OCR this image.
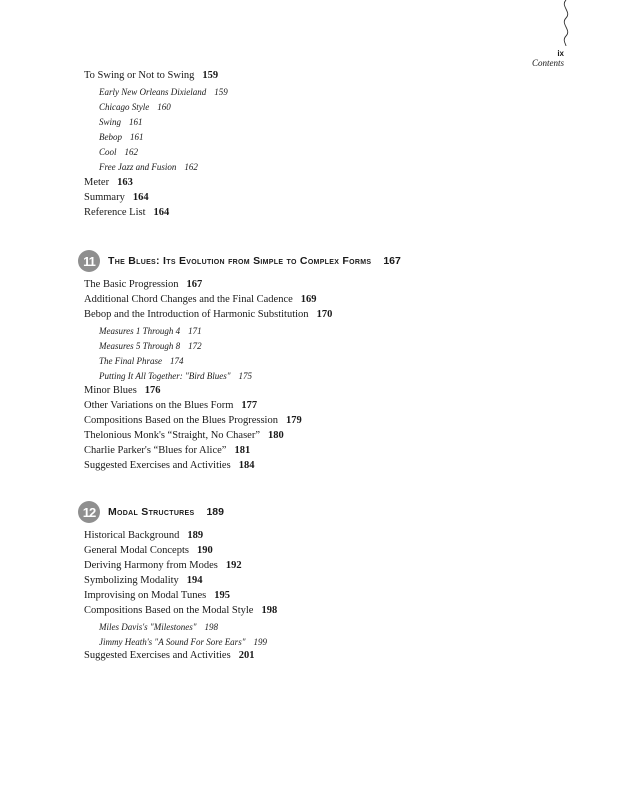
ix
Contents
To Swing or Not to Swing 159
Early New Orleans Dixieland 159
Chicago Style 160
Swing 161
Bebop 161
Cool 162
Free Jazz and Fusion 162
Meter 163
Summary 164
Reference List 164
11	The Blues: Its Evolution from Simple to Complex Forms 167
The Basic Progression 167
Additional Chord Changes and the Final Cadence 169
Bebop and the Introduction of Harmonic Substitution 170
Measures 1 Through 4 171
Measures 5 Through 8 172
The Final Phrase 174
Putting It All Together: "Bird Blues" 175
Minor Blues 176
Other Variations on the Blues Form 177
Compositions Based on the Blues Progression 179
Thelonious Monk's “Straight, No Chaser” 180
Charlie Parker's “Blues for Alice” 181
Suggested Exercises and Activities 184
12	Modal Structures 189
Historical Background 189
General Modal Concepts 190
Deriving Harmony from Modes 192
Symbolizing Modality 194
Improvising on Modal Tunes 195
Compositions Based on the Modal Style 198
Miles Davis's "Milestones" 198
Jimmy Heath's "A Sound For Sore Ears" 199
Suggested Exercises and Activities 201
